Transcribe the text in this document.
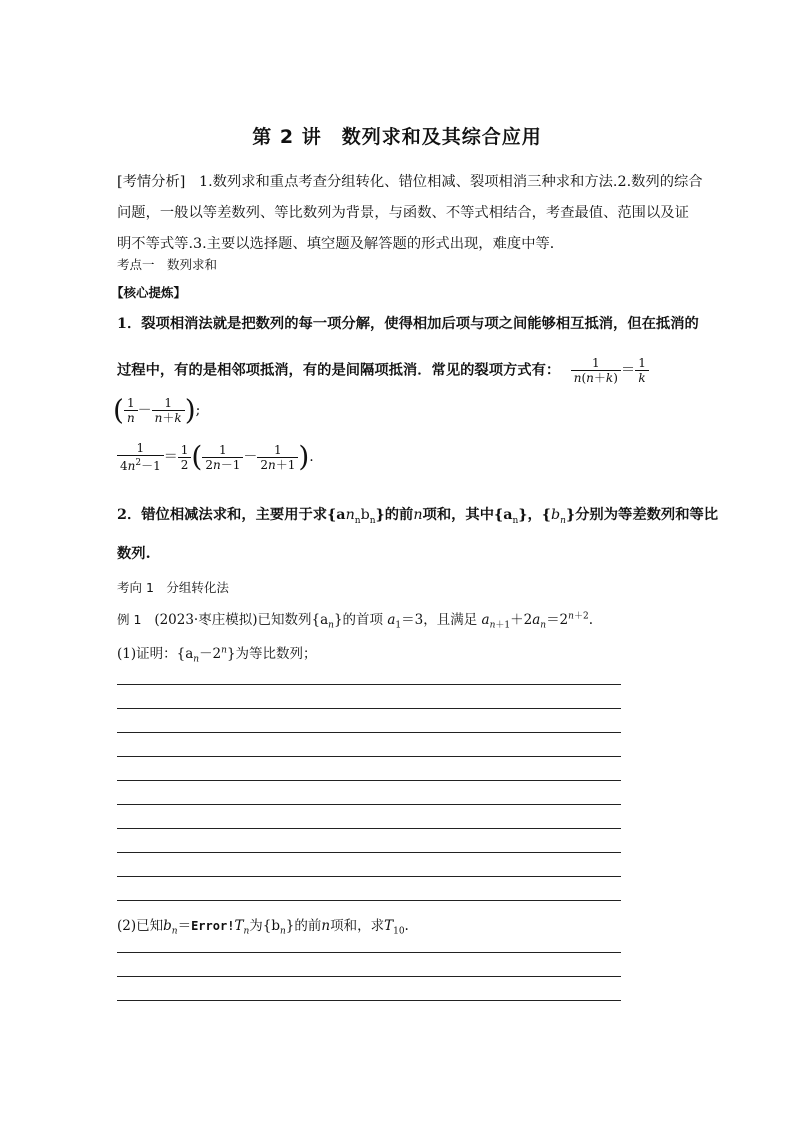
第 2 讲　数列求和及其综合应用
[考情分析] 1.数列求和重点考查分组转化、错位相减、裂项相消三种求和方法.2.数列的综合
问题，一般以等差数列、等比数列为背景，与函数、不等式相结合，考查最值、范围以及证
明不等式等.3.主要以选择题、填空题及解答题的形式出现，难度中等．
考点一　数列求和
【核心提炼】
1．裂项相消法就是把数列的每一项分解，使得相加后项与项之间能够相互抵消，但在抵消的
过程中，有的是相邻项抵消，有的是间隔项抵消．常见的裂项方式有： $\frac{1}{n(n+k)} = \frac{1}{k}$
( $\frac{1}{n} - \frac{1}{n+k}$ );
$\frac{1}{4n^2-1} = \frac{1}{2}$ ( $\frac{1}{2n-1} - \frac{1}{2n+1}$ ).
2．错位相减法求和，主要用于求$\{an_nb_n\}$的前n项和，其中$\{a_n\}$，$\{b_n\}$分别为等差数列和等比
数列.
考向 1　分组转化法
例 1 (2023·枣庄模拟)已知数列$\{a_n\}$的首项 $a_1=3$，且满足 $a_{n+1}+2a_n=2^{n+2}$.
(1)证明：$\{a_n-2^n\}$为等比数列；
(2)已知$b_n=Error!T_n$为$\{b_n\}$的前n项和，求$T_{10}$.
